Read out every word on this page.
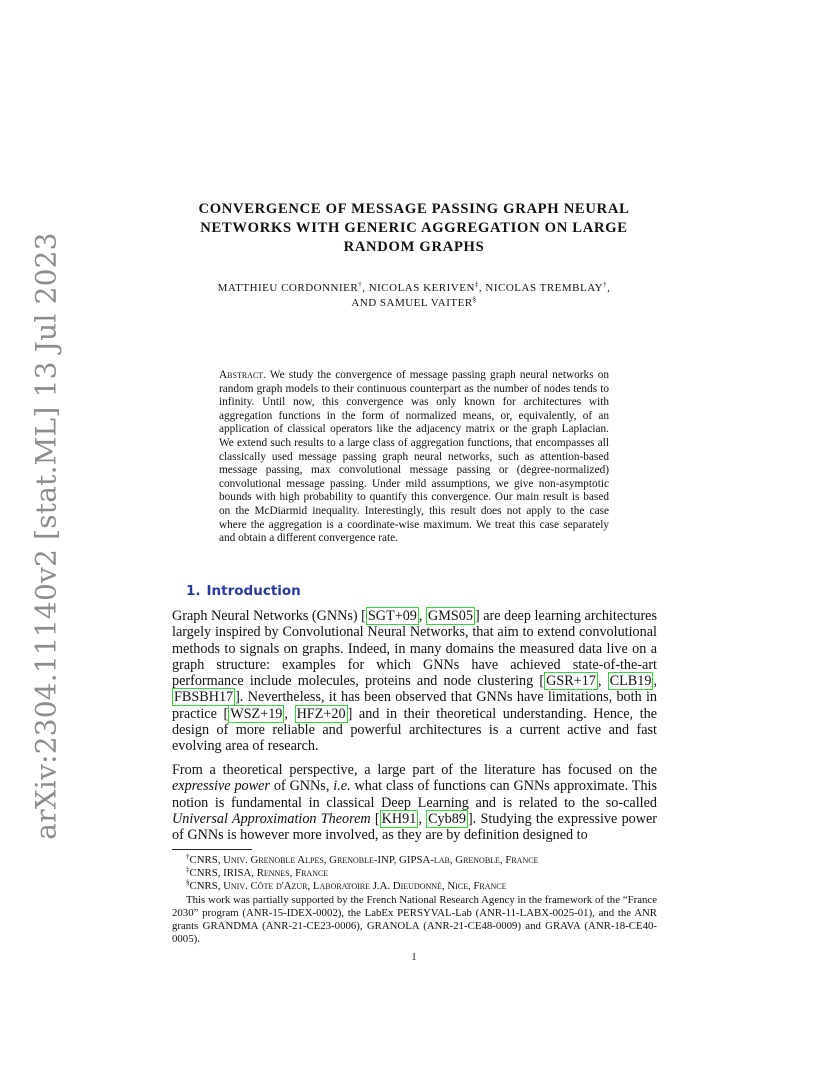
arXiv:2304.11140v2 [stat.ML] 13 Jul 2023
CONVERGENCE OF MESSAGE PASSING GRAPH NEURAL
NETWORKS WITH GENERIC AGGREGATION ON LARGE
RANDOM GRAPHS
MATTHIEU CORDONNIER†, NICOLAS KERIVEN‡, NICOLAS TREMBLAY†,
AND SAMUEL VAITER§
Abstract. We study the convergence of message passing graph neural networks on random graph models to their continuous counterpart as the number of nodes tends to infinity. Until now, this convergence was only known for architectures with aggregation functions in the form of normalized means, or, equivalently, of an application of classical operators like the adjacency matrix or the graph Laplacian. We extend such results to a large class of aggregation functions, that encompasses all classically used message passing graph neural networks, such as attention-based message passing, max convolutional message passing or (degree-normalized) convolutional message passing. Under mild assumptions, we give non-asymptotic bounds with high probability to quantify this convergence. Our main result is based on the McDiarmid inequality. Interestingly, this result does not apply to the case where the aggregation is a coordinate-wise maximum. We treat this case separately and obtain a different convergence rate.
1. Introduction
Graph Neural Networks (GNNs) [ SGT+09 , GMS05 ] are deep learning architectures largely inspired by Convolutional Neural Networks, that aim to extend convolutional methods to signals on graphs. Indeed, in many domains the measured data live on a graph structure: examples for which GNNs have achieved state-of-the-art performance include molecules, proteins and node clustering [ GSR+17 , CLB19 , FBSBH17 ]. Nevertheless, it has been observed that GNNs have limitations, both in practice [ WSZ+19 , HFZ+20 ] and in their theoretical understanding. Hence, the design of more reliable and powerful architectures is a current active and fast evolving area of research.
From a theoretical perspective, a large part of the literature has focused on the expressive power of GNNs, i.e. what class of functions can GNNs approximate. This notion is fundamental in classical Deep Learning and is related to the so-called Universal Approximation Theorem [ KH91 , Cyb89 ]. Studying the expressive power of GNNs is however more involved, as they are by definition designed to
†CNRS, Univ. Grenoble Alpes, Grenoble-INP, GIPSA-lab, Grenoble, France
‡CNRS, IRISA, Rennes, France
§CNRS, Univ. Côte d'Azur, Laboratoire J.A. Dieudonné, Nice, France
This work was partially supported by the French National Research Agency in the framework of the “France 2030” program (ANR-15-IDEX-0002), the LabEx PERSYVAL-Lab (ANR-11-LABX-0025-01), and the ANR grants GRANDMA (ANR-21-CE23-0006), GRANOLA (ANR-21-CE48-0009) and GRAVA (ANR-18-CE40-0005).
1
